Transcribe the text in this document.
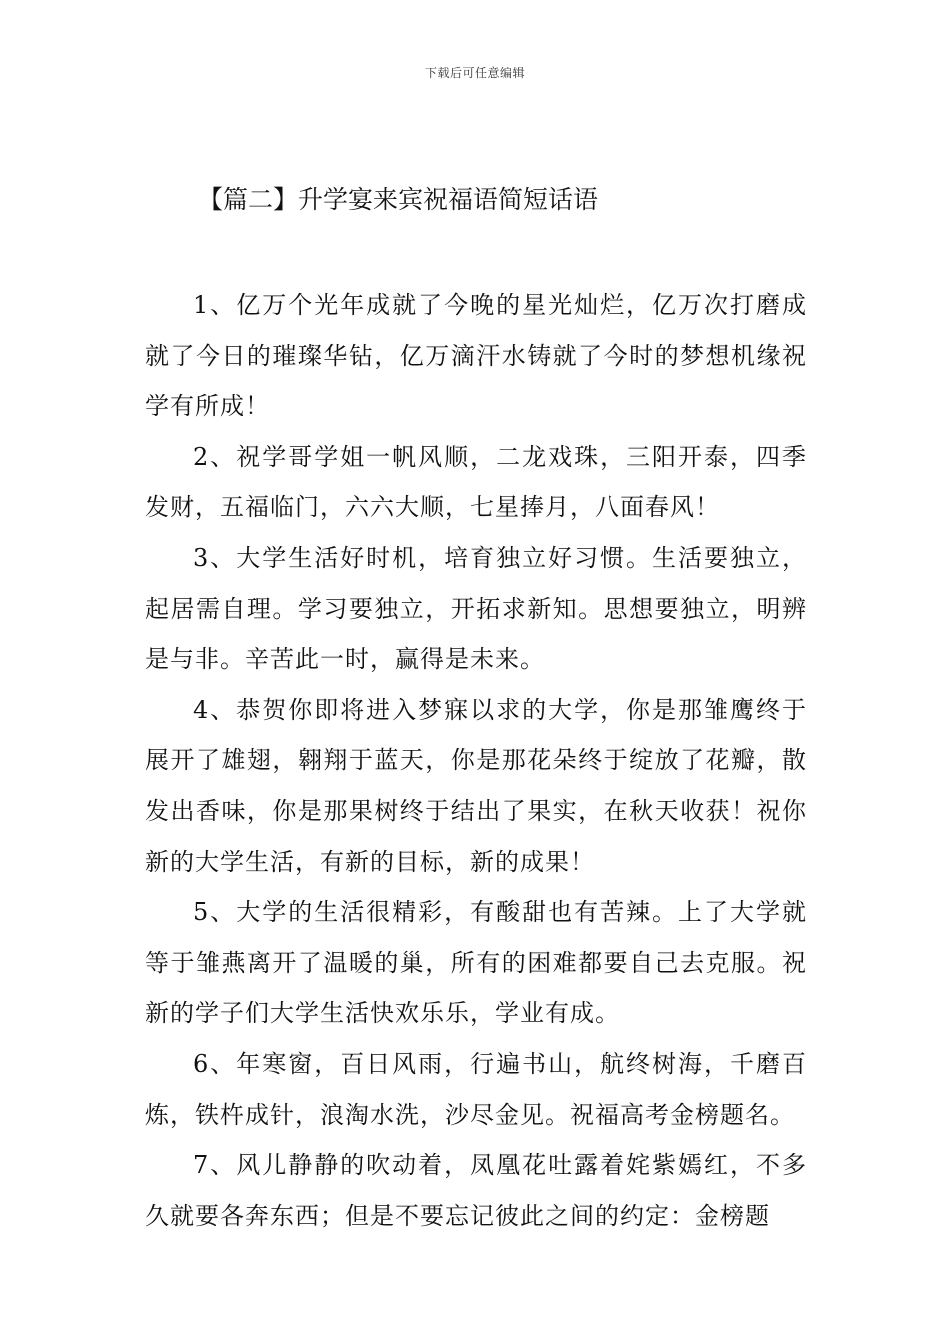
下载后可任意编辑
【篇二】升学宴来宾祝福语简短话语

1、亿万个光年成就了今晚的星光灿烂，亿万次打磨成就了今日的璀璨华钻，亿万滴汗水铸就了今时的梦想机缘祝学有所成！

2、祝学哥学姐一帆风顺，二龙戏珠，三阳开泰，四季发财，五福临门，六六大顺，七星捧月，八面春风！

3、大学生活好时机，培育独立好习惯。生活要独立，起居需自理。学习要独立，开拓求新知。思想要独立，明辨是与非。辛苦此一时，赢得是未来。

4、恭贺你即将进入梦寐以求的大学，你是那雏鹰终于展开了雄翅，翱翔于蓝天，你是那花朵终于绽放了花瓣，散发出香味，你是那果树终于结出了果实，在秋天收获！祝你新的大学生活，有新的目标，新的成果！

5、大学的生活很精彩，有酸甜也有苦辣。上了大学就等于雏燕离开了温暖的巢，所有的困难都要自己去克服。祝新的学子们大学生活快欢乐乐，学业有成。

6、年寒窗，百日风雨，行遍书山，航终树海，千磨百炼，铁杵成针，浪淘水洗，沙尽金见。祝福高考金榜题名。

7、风儿静静的吹动着，凤凰花吐露着姹紫嫣红，不多久就要各奔东西；但是不要忘记彼此之间的约定：金榜题
